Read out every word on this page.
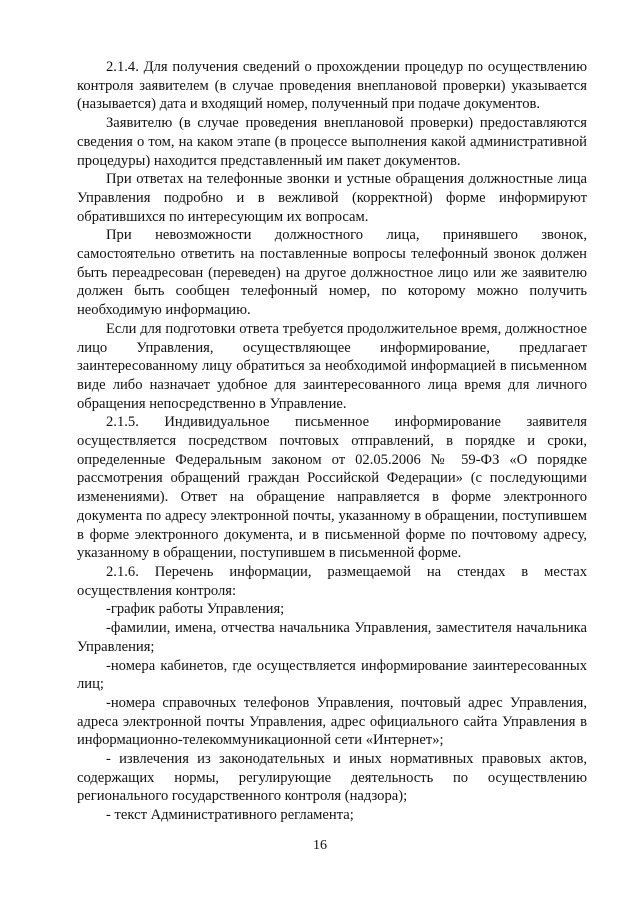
2.1.4. Для получения сведений о прохождении процедур по осуществлению контроля заявителем (в случае проведения внеплановой проверки) указывается (называется) дата и входящий номер, полученный при подаче документов.

Заявителю (в случае проведения внеплановой проверки) предоставляются сведения о том, на каком этапе (в процессе выполнения какой административной процедуры) находится представленный им пакет документов.

При ответах на телефонные звонки и устные обращения должностные лица Управления подробно и в вежливой (корректной) форме информируют обратившихся по интересующим их вопросам.

При невозможности должностного лица, принявшего звонок, самостоятельно ответить на поставленные вопросы телефонный звонок должен быть переадресован (переведен) на другое должностное лицо или же заявителю должен быть сообщен телефонный номер, по которому можно получить необходимую информацию.

Если для подготовки ответа требуется продолжительное время, должностное лицо Управления, осуществляющее информирование, предлагает заинтересованному лицу обратиться за необходимой информацией в письменном виде либо назначает удобное для заинтересованного лица время для личного обращения непосредственно в Управление.

2.1.5. Индивидуальное письменное информирование заявителя осуществляется посредством почтовых отправлений, в порядке и сроки, определенные Федеральным законом от 02.05.2006 № 59-ФЗ «О порядке рассмотрения обращений граждан Российской Федерации» (с последующими изменениями). Ответ на обращение направляется в форме электронного документа по адресу электронной почты, указанному в обращении, поступившем в форме электронного документа, и в письменной форме по почтовому адресу, указанному в обращении, поступившем в письменной форме.

2.1.6. Перечень информации, размещаемой на стендах в местах осуществления контроля:

-график работы Управления;

-фамилии, имена, отчества начальника Управления, заместителя начальника Управления;

-номера кабинетов, где осуществляется информирование заинтересованных лиц;

-номера справочных телефонов Управления, почтовый адрес Управления, адреса электронной почты Управления, адрес официального сайта Управления в информационно-телекоммуникационной сети «Интернет»;

- извлечения из законодательных и иных нормативных правовых актов, содержащих нормы, регулирующие деятельность по осуществлению регионального государственного контроля (надзора);

- текст Административного регламента;

16
